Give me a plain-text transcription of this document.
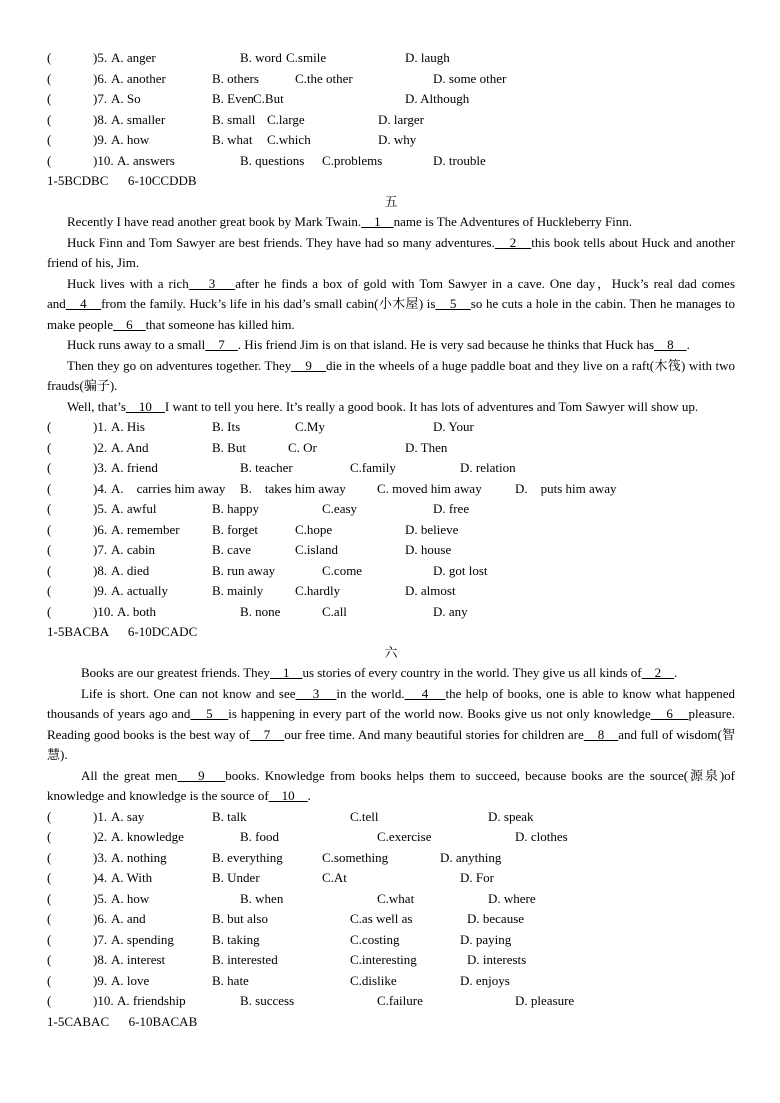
(	)5. A. anger	B. word C.smile	D. laugh
(	)6. A. another	B. others	C.the other	D. some other
(	)7. A. So	B. Even C.But	D. Although
(	)8. A. smaller	B. small C.large	D. larger
(	)9. A. how	B. what C.which	D. why
(	)10. A. answers	B. questions C.problems	D. trouble
1-5BCDBC      6-10CCDDB
五
Recently I have read another great book by Mark Twain.    1    name is The Adventures of Huckleberry Finn.
Huck Finn and Tom Sawyer are best friends. They have had so many adventures.    2    this book tells about Huck and another friend of his, Jim.
Huck lives with a rich    3    after he finds a box of gold with Tom Sawyer in a cave. One day，Huck’s real dad comes and    4    from the family. Huck’s life in his dad’s small cabin(小木屋) is    5    so he cuts a hole in the cabin. Then he manages to make people    6    that someone has killed him.
Huck runs away to a small    7    . His friend Jim is on that island. He is very sad because he thinks that Huck has    8    .
Then they go on adventures together. They    9    die in the wheels of a huge paddle boat and they live on a raft(木筏) with two frauds(骗子).
Well, that’s    10    I want to tell you here. It’s really a good book. It has lots of adventures and Tom Sawyer will show up.
(	)1. A. His	B. Its	C.My	D. Your
(	)2. A. And	B. But	C. Or	D. Then
(	)3. A. friend	B. teacher	C.family	D. relation
(	)4. A.    carries him away B.    takes him away C. moved him away	D.    puts him away
(	)5. A. awful	B. happy	C.easy	D. free
(	)6. A. remember B. forget	C.hope	D. believe
(	)7. A. cabin	B. cave	C.island	D. house
(	)8. A. died	B. run away	C.come	D. got lost
(	)9. A. actually	B. mainly C.hardly	D. almost
(	)10. A. both	B. none	C.all	D. any
1-5BACBA      6-10DCADC
六
Books are our greatest friends. They    1    us stories of every country in the world. They give us all kinds of    2    .
Life is short. One can not know and see    3    in the world.    4    the help of books, one is able to know what happened thousands of years ago and    5    is happening in every part of the world now. Books give us not only knowledge    6    pleasure. Reading good books is the best way of    7    our free time. And many beautiful stories for children are    8    and full of wisdom(智慧).
All the great men    9    books. Knowledge from books helps them to succeed, because books are the source(源泉)of knowledge and knowledge is the source of    10    .
(	)1. A. say	B. talk	C.tell	D. speak
(	)2. A. knowledge	B. food	C.exercise	D. clothes
(	)3. A. nothing	B. everything	C.something	D. anything
(	)4. A. With	B. Under	C.At	D. For
(	)5. A. how	B. when	C.what	D. where
(	)6. A. and	B. but also	C.as well as	D. because
(	)7. A. spending	B. taking	C.costing	D. paying
(	)8. A. interest	B. interested	C.interesting	D. interests
(	)9. A. love	B. hate	C.dislike	D. enjoys
(	)10. A. friendship	B. success	C.failure	D. pleasure
1-5CABAC      6-10BACAB
